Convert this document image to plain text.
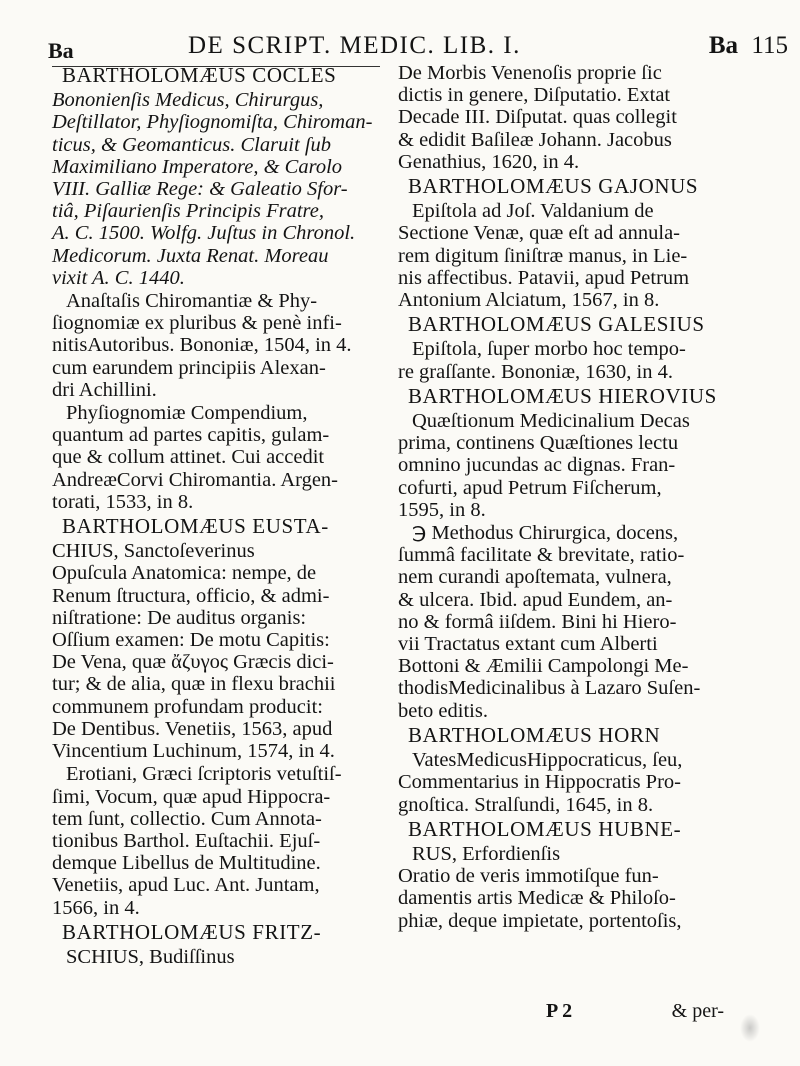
Ba	DE SCRIPT. MEDIC. LIB. I.	Ba 115
BARTHOLOMÆUS COCLES
Bononienſis Medicus, Chirurgus,
Deſtillator, Phyſiognomiſta, Chiroman-
ticus, & Geomanticus. Claruit ſub
Maximiliano Imperatore, & Carolo
VIII. Galliæ Rege: & Galeatio Sfor-
tiâ, Piſaurienſis Principis Fratre,
A. C. 1500. Wolfg. Juſtus in Chronol.
Medicorum. Juxta Renat. Moreau
vixit A. C. 1440.
Anaſtaſis Chiromantiæ & Phy-
ſiognomiæ ex pluribus & penè infi-
nitisAutoribus. Bononiæ, 1504, in 4.
cum earundem principiis Alexan-
dri Achillini.
Phyſiognomiæ Compendium,
quantum ad partes capitis, gulam-
que & collum attinet. Cui accedit
AndreæCorvi Chiromantia. Argen-
torati, 1533, in 8.
BARTHOLOMÆUS EUSTA-
CHIUS, Sanctoſeverinus
Opuſcula Anatomica: nempe, de
Renum ſtructura, officio, & admi-
niſtratione: De auditus organis:
Oſſium examen: De motu Capitis:
De Vena, quæ ἄζυγος Græcis dici-
tur; & de alia, quæ in flexu brachii
communem profundam producit:
De Dentibus. Venetiis, 1563, apud
Vincentium Luchinum, 1574, in 4.
Erotiani, Græci ſcriptoris vetuſtiſ-
ſimi, Vocum, quæ apud Hippocra-
tem ſunt, collectio. Cum Annota-
tionibus Barthol. Euſtachii. Ejuſ-
demque Libellus de Multitudine.
Venetiis, apud Luc. Ant. Juntam,
1566, in 4.
BARTHOLOMÆUS FRITZ-
SCHIUS, Budiſſinus
De Morbis Venenoſis proprie ſic
dictis in genere, Diſputatio. Extat
Decade III. Diſputat. quas collegit
& edidit Baſileæ Johann. Jacobus
Genathius, 1620, in 4.
BARTHOLOMÆUS GAJONUS
Epiſtola ad Joſ. Valdanium de
Sectione Venæ, quæ eſt ad annula-
rem digitum ſiniſtræ manus, in Lie-
nis affectibus. Patavii, apud Petrum
Antonium Alciatum, 1567, in 8.
BARTHOLOMÆUS GALESIUS
Epiſtola, ſuper morbo hoc tempo-
re graſſante. Bononiæ, 1630, in 4.
BARTHOLOMÆUS HIEROVIUS
Quæſtionum Medicinalium Decas
prima, continens Quæſtiones lectu
omnino jucundas ac dignas. Fran-
cofurti, apud Petrum Fiſcherum,
1595, in 8.
℈ Methodus Chirurgica, docens,
ſummâ facilitate & brevitate, ratio-
nem curandi apoſtemata, vulnera,
& ulcera. Ibid. apud Eundem, an-
no & formâ iiſdem. Bini hi Hiero-
vii Tractatus extant cum Alberti
Bottoni & Æmilii Campolongi Me-
thodisMedicinalibus à Lazaro Suſen-
beto editis.
BARTHOLOMÆUS HORN
VatesMedicusHippocraticus, ſeu,
Commentarius in Hippocratis Pro-
gnoſtica. Stralſundi, 1645, in 8.
BARTHOLOMÆUS HUBNE-
RUS, Erfordienſis
Oratio de veris immotiſque fun-
damentis artis Medicæ & Philoſo-
phiæ, deque impietate, portentoſis,
P 2	& per-
